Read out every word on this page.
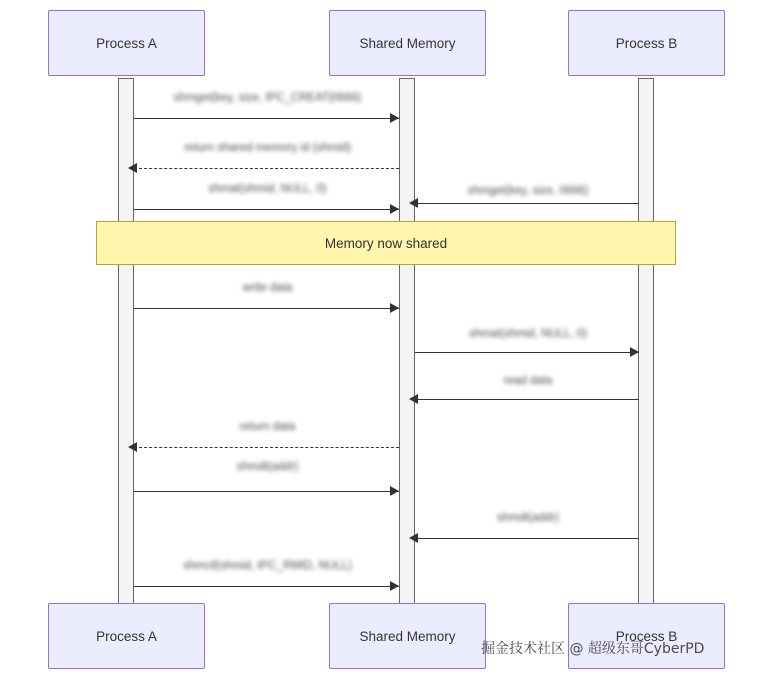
Process A	Shared Memory	Process B
shmget(key, size, IPC_CREAT|0666)
return shared memory id (shmid)
shmat(shmid, NULL, 0)	shmget(key, size, 0666)
Memory now shared
write data
shmat(shmid, NULL, 0)
read data
return data
shmdt(addr)
shmdt(addr)
shmctl(shmid, IPC_RMID, NULL)
Process A	Shared Memory	Process B
掘金技术社区 @ 超级东哥CyberPD
